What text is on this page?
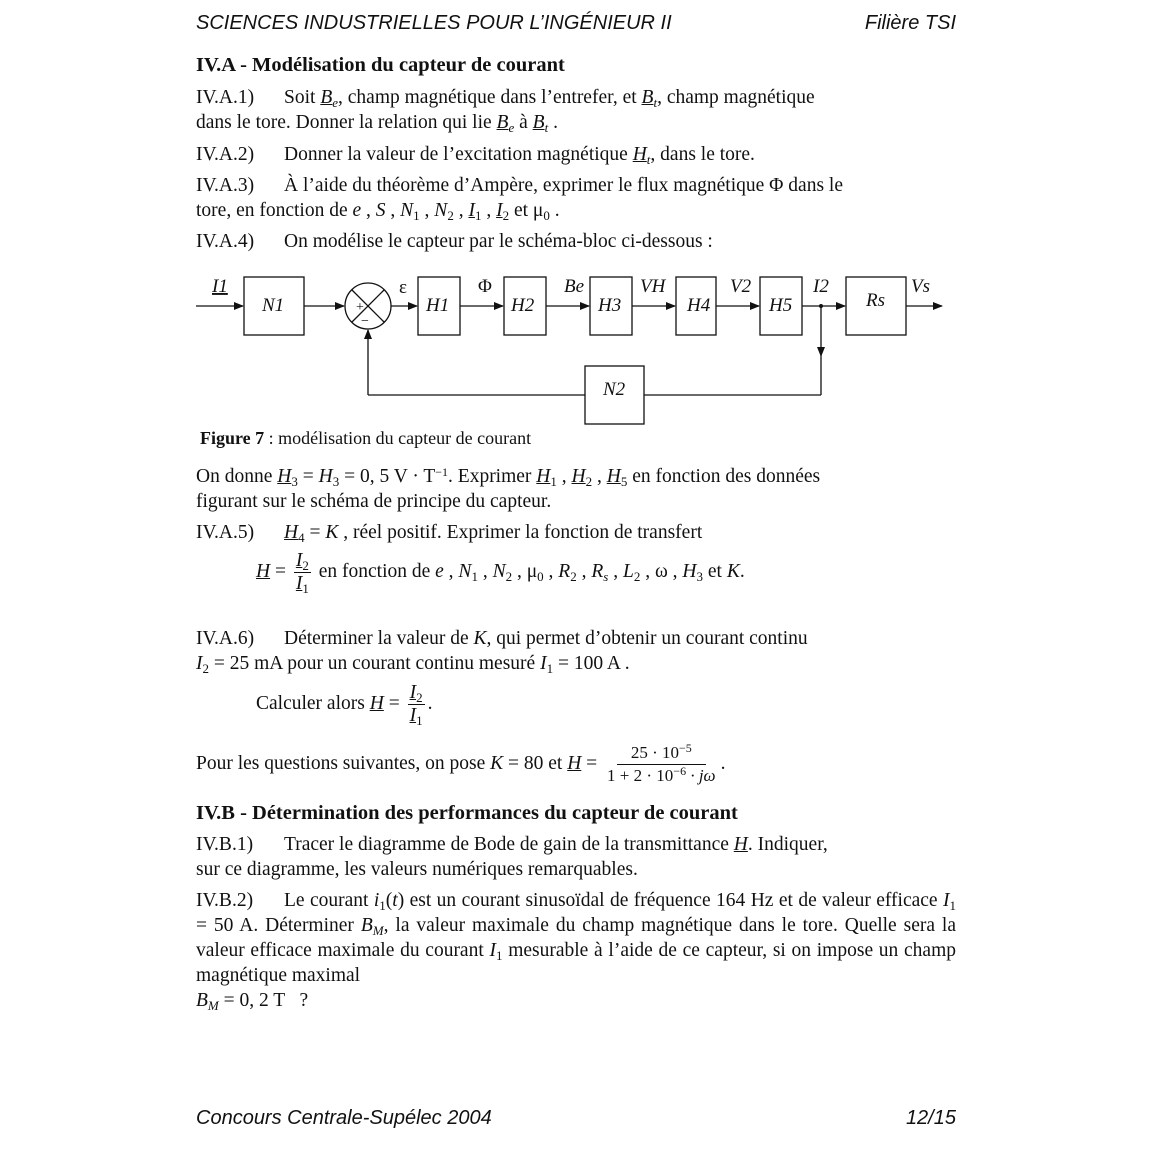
SCIENCES INDUSTRIELLES POUR L’INGÉNIEUR II	Filière TSI
IV.A - Modélisation du capteur de courant
IV.A.1) Soit $B_e$, champ magnétique dans l’entrefer, et $B_t$, champ magnétique
dans le tore. Donner la relation qui lie $B_e$ à $B_t$ .
IV.A.2) Donner la valeur de l’excitation magnétique $H_t$, dans le tore.
IV.A.3) À l’aide du théorème d’Ampère, exprimer le flux magnétique Φ dans le
tore, en fonction de e , S , $N_1$ , $N_2$ , $I_1$ , $I_2$ et $\mu_0$ .
IV.A.4) On modélise le capteur par le schéma-bloc ci-dessous :
I1
N1	+
−
ε
H1
Φ
H2
Be
H3
VH
H4
V2
H5
I2
Rs
Vs
N2
Figure 7 : modélisation du capteur de courant
On donne $H_3 = H_3 = 0$, 5 $V \cdot T^{-1}$. Exprimer $H_1$ , $H_2$ , $H_5$ en fonction des données
figurant sur le schéma de principe du capteur.
IV.A.5) $H_4 = K$ , réel positif. Exprimer la fonction de transfert
$H = \frac{I_2}{I_1}$ en fonction de e , $N_1$ , $N_2$ , $\mu_0$ , $R_2$ , $R_s$ , $L_2$ , ω , $H_3$ et K.
IV.A.6) Déterminer la valeur de K, qui permet d’obtenir un courant continu
$I_2 = 25$ mA pour un courant continu mesuré $I_1 = 100$ A .
Calculer alors $H = \frac{I_2}{I_1}$ .
Pour les questions suivantes, on pose K = 80 et $H = \frac{25 \cdot 10^{-5}}{1 + 2 \cdot 10^{-6} \cdot j\omega}$ .
IV.B - Détermination des performances du capteur de courant
IV.B.1) Tracer le diagramme de Bode de gain de la transmittance H. Indiquer,
sur ce diagramme, les valeurs numériques remarquables.
IV.B.2) Le courant $i_1(t)$ est un courant sinusoïdal de fréquence 164 Hz et de valeur efficace $I_1 = 50$ A. Déterminer $B_M$, la valeur maximale du champ magnétique dans le tore. Quelle sera la valeur efficace maximale du courant $I_1$ mesurable à l’aide de ce capteur, si on impose un champ magnétique maximal
$B_M = 0$, 2 T ?
Concours Centrale-Supélec 2004	12/15
